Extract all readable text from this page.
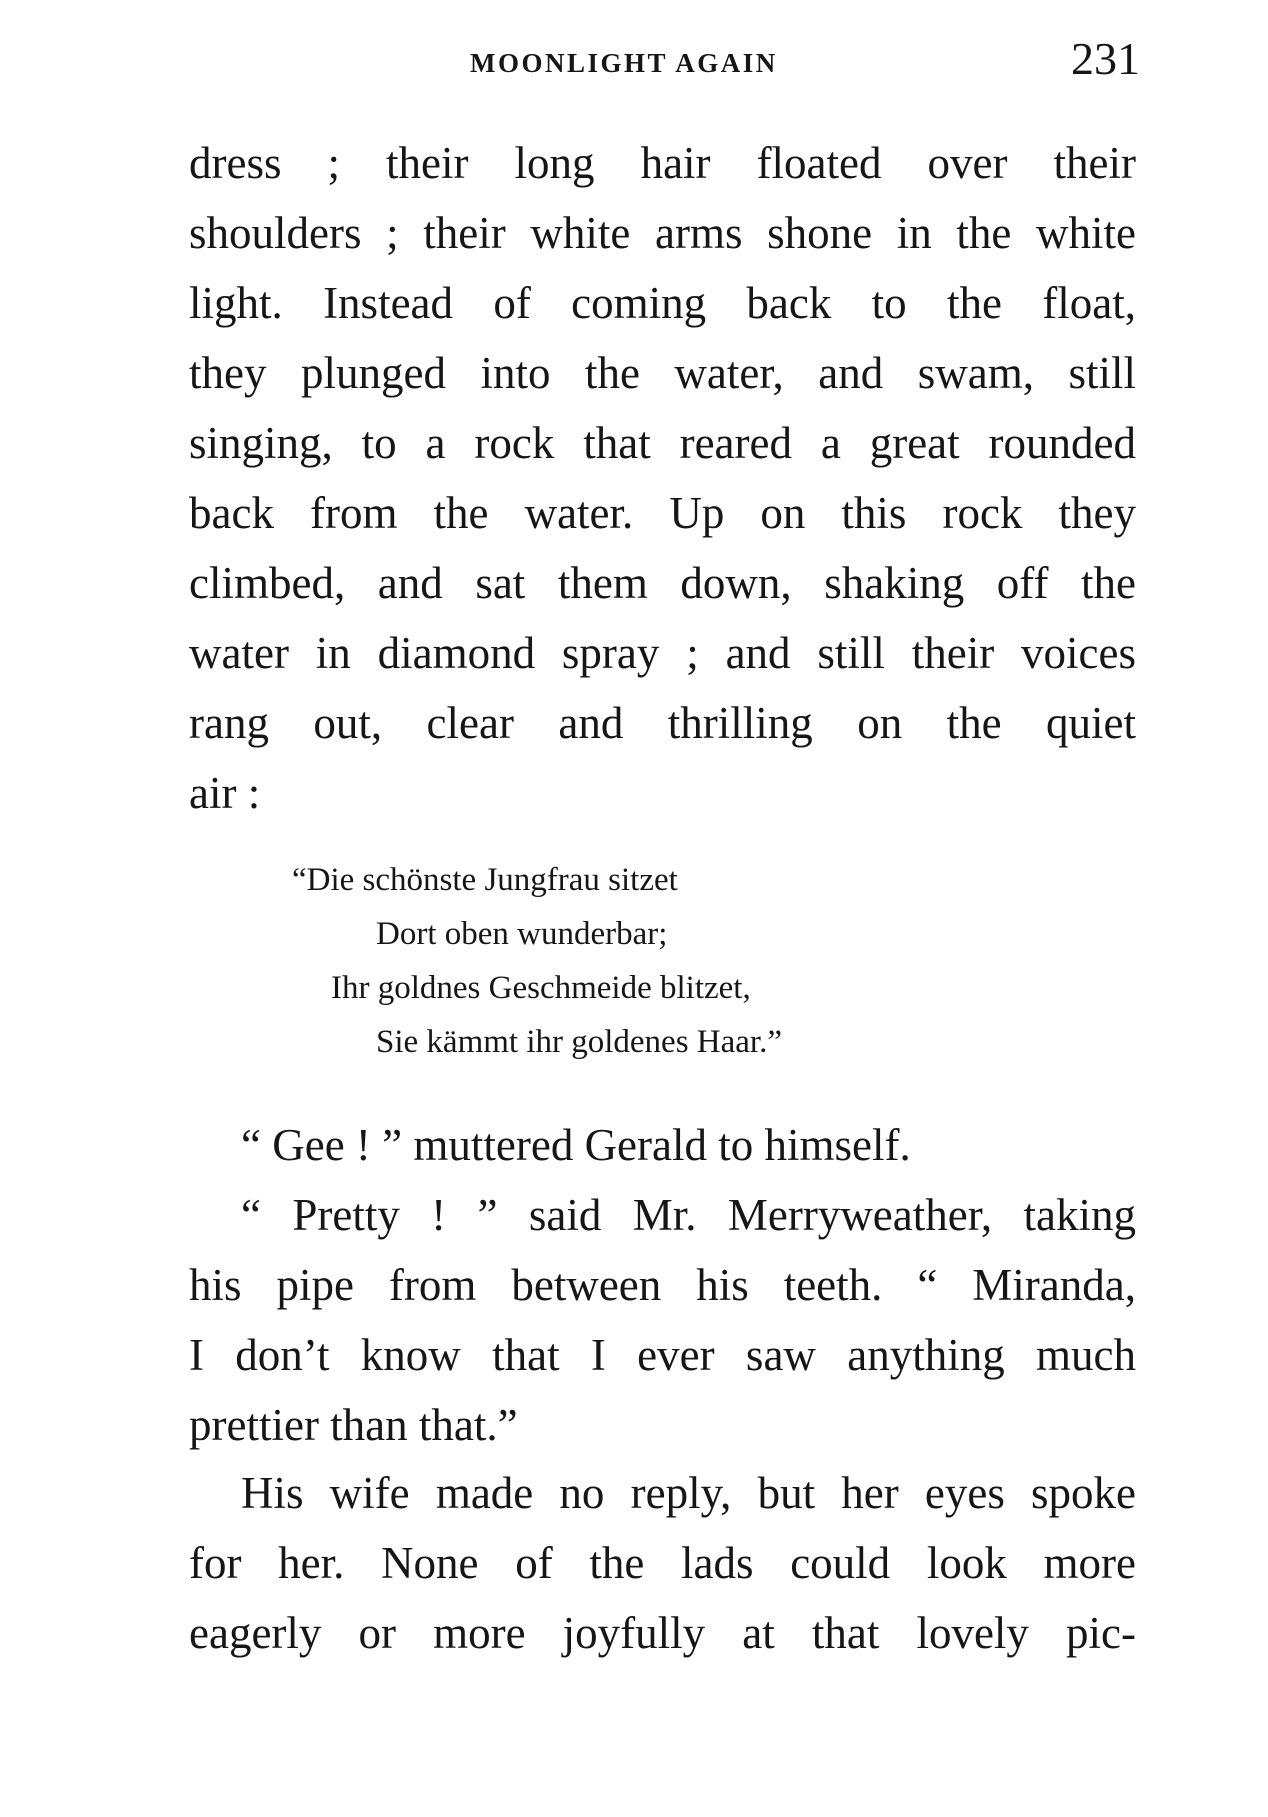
MOONLIGHT AGAIN	231
dress ; their long hair floated over their
shoulders ; their white arms shone in the white
light. Instead of coming back to the float,
they plunged into the water, and swam, still
singing, to a rock that reared a great rounded
back from the water. Up on this rock they
climbed, and sat them down, shaking off the
water in diamond spray ; and still their voices
rang out, clear and thrilling on the quiet
air :
“Die schönste Jungfrau sitzet
Dort oben wunderbar;
Ihr goldnes Geschmeide blitzet,
Sie kämmt ihr goldenes Haar.”
“ Gee ! ” muttered Gerald to himself.
“ Pretty ! ” said Mr. Merryweather, taking
his pipe from between his teeth. “ Miranda,
I don’t know that I ever saw anything much
prettier than that.”
His wife made no reply, but her eyes spoke
for her. None of the lads could look more
eagerly or more joyfully at that lovely pic-
